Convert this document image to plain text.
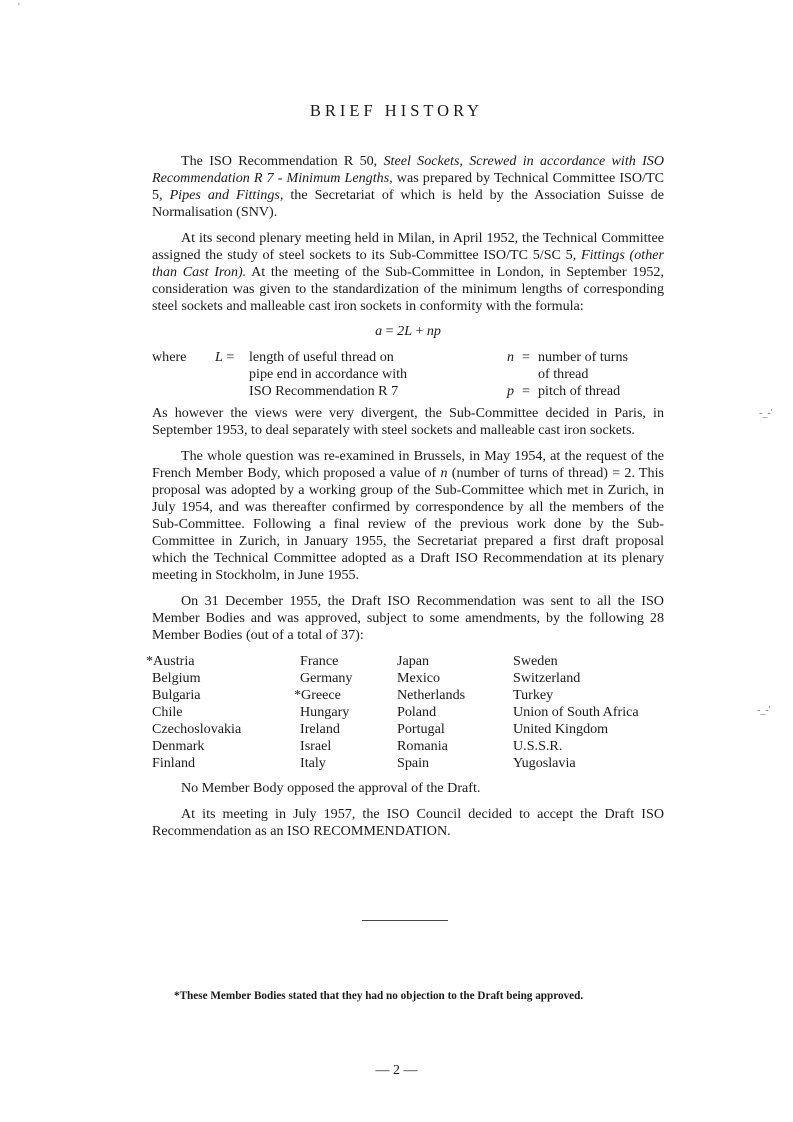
'
-_-'
-_-'
BRIEF HISTORY

The ISO Recommendation R 50, Steel Sockets, Screwed in accordance with ISO Recommendation R 7 - Minimum Lengths, was prepared by Technical Committee ISO/TC 5, Pipes and Fittings, the Secretariat of which is held by the Association Suisse de Normalisation (SNV).

At its second plenary meeting held in Milan, in April 1952, the Technical Committee assigned the study of steel sockets to its Sub-Committee ISO/TC 5/SC 5, Fittings (other than Cast Iron). At the meeting of the Sub-Committee in London, in September 1952, consideration was given to the standardization of the minimum lengths of corresponding steel sockets and malleable cast iron sockets in conformity with the formula:

a = 2L + np
where	L =	length of useful thread on	n = number of turns
pipe end in accordance with	of thread
ISO Recommendation R 7	p = pitch of thread

As however the views were very divergent, the Sub-Committee decided in Paris, in September 1953, to deal separately with steel sockets and malleable cast iron sockets.

The whole question was re-examined in Brussels, in May 1954, at the request of the French Member Body, which proposed a value of n (number of turns of thread) = 2. This proposal was adopted by a working group of the Sub-Committee which met in Zurich, in July 1954, and was thereafter confirmed by correspondence by all the members of the Sub-Committee. Following a final review of the previous work done by the Sub-Committee in Zurich, in January 1955, the Secretariat prepared a first draft proposal which the Technical Committee adopted as a Draft ISO Recommendation at its plenary meeting in Stockholm, in June 1955.

On 31 December 1955, the Draft ISO Recommendation was sent to all the ISO Member Bodies and was approved, subject to some amendments, by the following 28 Member Bodies (out of a total of 37):

*Austria	France	Japan	Sweden
Belgium	Germany	Mexico	Switzerland
Bulgaria	*Greece	Netherlands	Turkey
Chile	Hungary	Poland	Union of South Africa
Czechoslovakia	Ireland	Portugal	United Kingdom
Denmark	Israel	Romania	U.S.S.R.
Finland	Italy	Spain	Yugoslavia

No Member Body opposed the approval of the Draft.

At its meeting in July 1957, the ISO Council decided to accept the Draft ISO Recommendation as an ISO RECOMMENDATION.

*These Member Bodies stated that they had no objection to the Draft being approved.
— 2 —
